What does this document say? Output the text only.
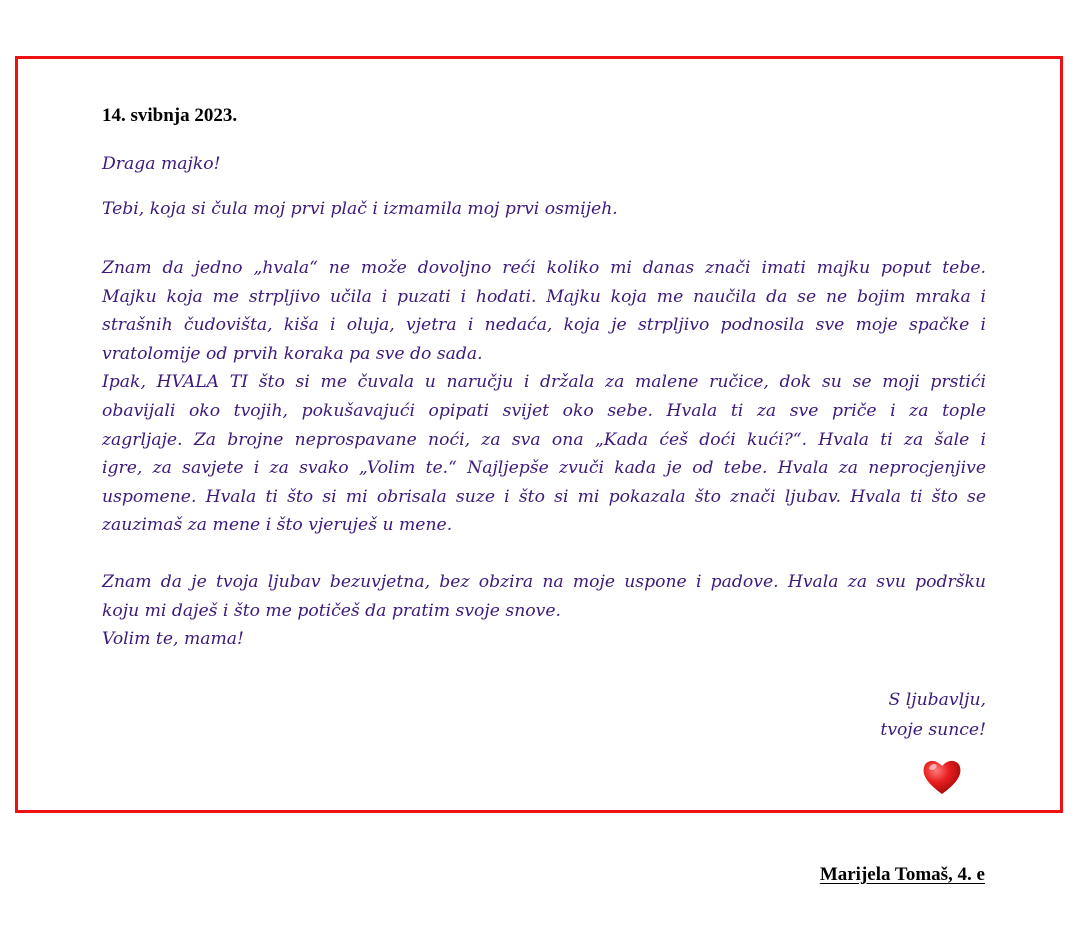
14. svibnja 2023.

Draga majko!

Tebi, koja si čula moj prvi plač i izmamila moj prvi osmijeh.

Znam da jedno „hvala“ ne može dovoljno reći koliko mi danas znači imati majku poput tebe.
Majku koja me strpljivo učila i puzati i hodati. Majku koja me naučila da se ne bojim mraka i
strašnih čudovišta, kiša i oluja, vjetra i nedaća, koja je strpljivo podnosila sve moje spačke i
vratolomije od prvih koraka pa sve do sada.
Ipak, HVALA TI što si me čuvala u naručju i držala za malene ručice, dok su se moji prstići
obavijali oko tvojih, pokušavajući opipati svijet oko sebe. Hvala ti za sve priče i za tople
zagrljaje. Za brojne neprospavane noći, za sva ona „Kada ćeš doći kući?“. Hvala ti za šale i
igre, za savjete i za svako „Volim te.“ Najljepše zvuči kada je od tebe. Hvala za neprocjenjive
uspomene. Hvala ti što si mi obrisala suze i što si mi pokazala što znači ljubav. Hvala ti što se
zauzimaš za mene i što vjeruješ u mene.
Znam da je tvoja ljubav bezuvjetna, bez obzira na moje uspone i padove. Hvala za svu podršku
koju mi daješ i što me potičeš da pratim svoje snove.
Volim te, mama!
S ljubavlju,
tvoje sunce!
Marijela Tomaš, 4. e
